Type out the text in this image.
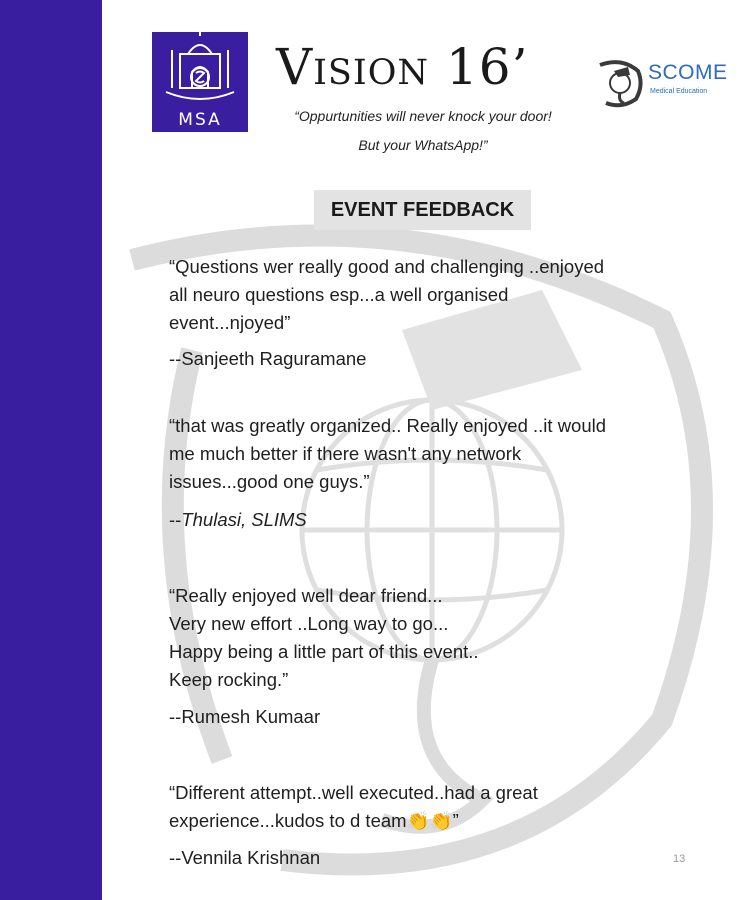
MSA
Vision 16’
“Oppurtunities will never knock your door!
But your WhatsApp!”
SCOME
Medical Education
EVENT FEEDBACK
“Questions wer really good and challenging ..enjoyed
all neuro questions esp...a well organised
event...njoyed”
--Sanjeeth Raguramane
“that was greatly organized.. Really enjoyed ..it would
me much better if there wasn't any network
issues...good one guys.”
--Thulasi, SLIMS
“Really enjoyed well dear friend...
Very new effort ..Long way to go...
Happy being a little part of this event..
Keep rocking.”
--Rumesh Kumaar
“Different attempt..well executed..had a great
experience...kudos to d team👏👏”
--Vennila Krishnan	13
